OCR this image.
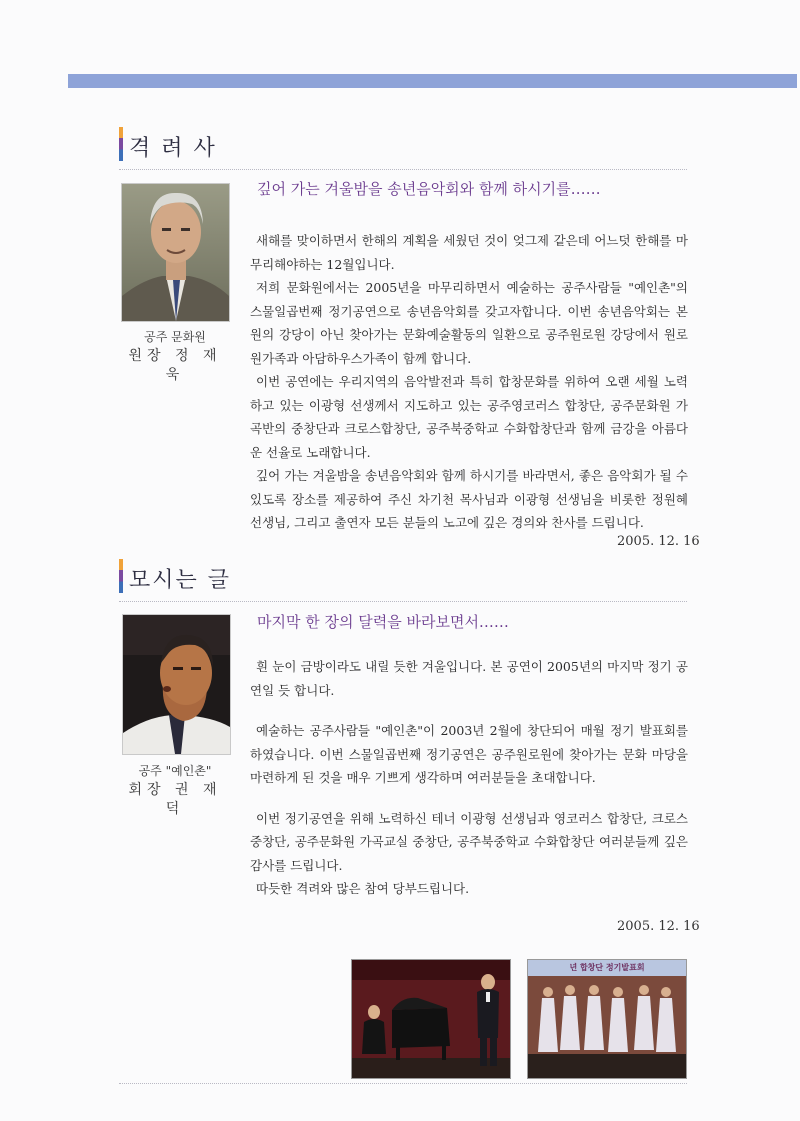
격 려 사
공주 문화원
원장 정 재 욱
깊어 가는 겨울밤을 송년음악회와 함께 하시기를……

새해를 맞이하면서 한해의 계획을 세웠던 것이 엊그제 같은데 어느덧 한해를 마무리해야하는 12월입니다.

저희 문화원에서는 2005년을 마무리하면서 예술하는 공주사람들 "예인촌"의 스물일곱번째 정기공연으로 송년음악회를 갖고자합니다. 이번 송년음악회는 본원의 강당이 아닌 찾아가는 문화예술활동의 일환으로 공주원로원 강당에서 원로원가족과 아담하우스가족이 함께 합니다.

이번 공연에는 우리지역의 음악발전과 특히 합창문화를 위하여 오랜 세월 노력하고 있는 이광형 선생께서 지도하고 있는 공주영코러스 합창단, 공주문화원 가곡반의 중창단과 크로스합창단, 공주북중학교 수화합창단과 함께 금강을 아름다운 선율로 노래합니다.

깊어 가는 겨울밤을 송년음악회와 함께 하시기를 바라면서, 좋은 음악회가 될 수 있도록 장소를 제공하여 주신 차기천 목사님과 이광형 선생님을 비롯한 정원혜 선생님, 그리고 출연자 모든 분들의 노고에 깊은 경의와 찬사를 드립니다.

2005. 12. 16
모시는 글
공주 "예인촌"
회장 권 재 덕
마지막 한 장의 달력을 바라보면서……

흰 눈이 금방이라도 내릴 듯한 겨울입니다. 본 공연이 2005년의 마지막 정기 공연일 듯 합니다.

예술하는 공주사람들 "예인촌"이 2003년 2월에 창단되어 매월 정기 발표회를 하였습니다. 이번 스물일곱번째 정기공연은 공주원로원에 찾아가는 문화 마당을 마련하게 된 것을 매우 기쁘게 생각하며 여러분들을 초대합니다.

이번 정기공연을 위해 노력하신 테너 이광형 선생님과 영코러스 합창단, 크로스 중창단, 공주문화원 가곡교실 중창단, 공주북중학교 수화합창단 여러분들께 깊은 감사를 드립니다.

따듯한 격려와 많은 참여 당부드립니다.

2005. 12. 16
년 합창단 정기발표회
